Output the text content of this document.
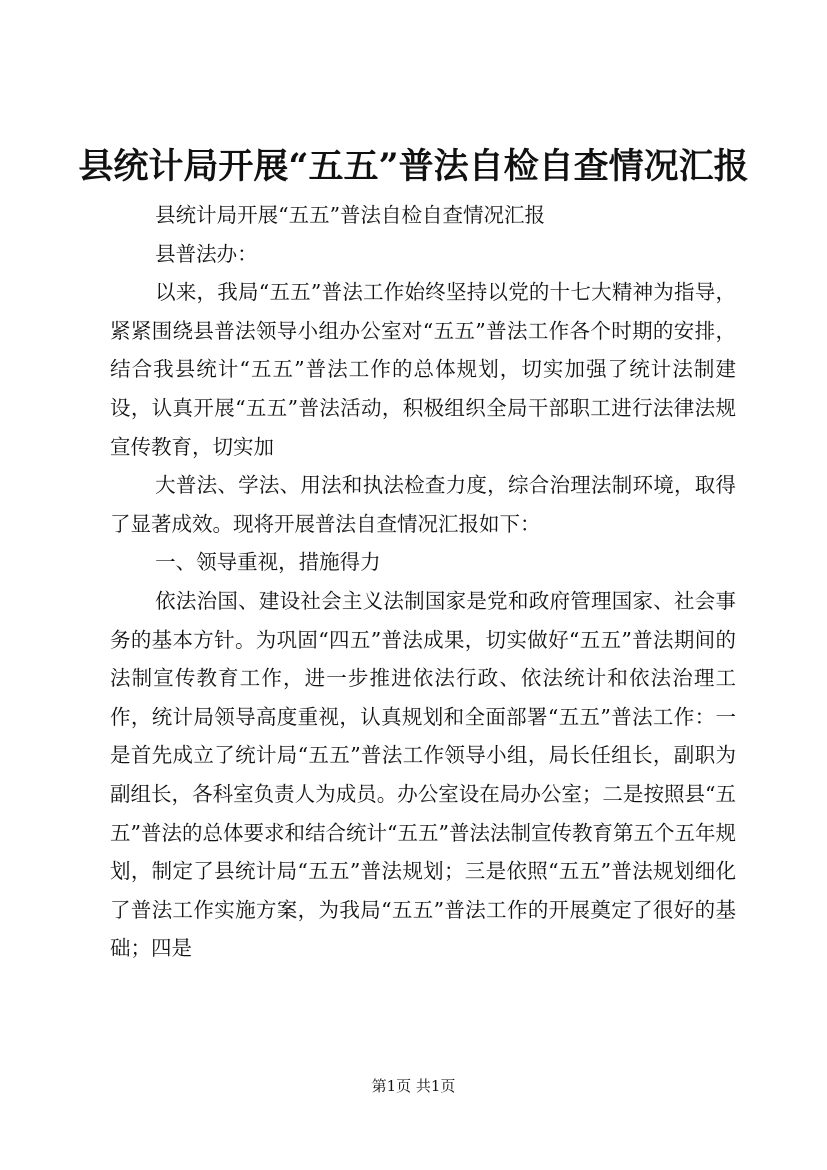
县统计局开展“五五”普法自检自查情况汇报

县统计局开展“五五”普法自检自查情况汇报

县普法办：

以来，我局“五五”普法工作始终坚持以党的十七大精神为指导，紧紧围绕县普法领导小组办公室对“五五”普法工作各个时期的安排，结合我县统计“五五”普法工作的总体规划，切实加强了统计法制建设，认真开展“五五”普法活动，积极组织全局干部职工进行法律法规宣传教育，切实加

大普法、学法、用法和执法检查力度，综合治理法制环境，取得了显著成效。现将开展普法自查情况汇报如下：

一、领导重视，措施得力

依法治国、建设社会主义法制国家是党和政府管理国家、社会事务的基本方针。为巩固“四五”普法成果，切实做好“五五”普法期间的法制宣传教育工作，进一步推进依法行政、依法统计和依法治理工作，统计局领导高度重视，认真规划和全面部署“五五”普法工作：一是首先成立了统计局“五五”普法工作领导小组，局长任组长，副职为副组长，各科室负责人为成员。办公室设在局办公室；二是按照县“五五”普法的总体要求和结合统计“五五”普法法制宣传教育第五个五年规划，制定了县统计局“五五”普法规划；三是依照“五五”普法规划细化了普法工作实施方案，为我局“五五”普法工作的开展奠定了很好的基础；四是

第1页 共1页
